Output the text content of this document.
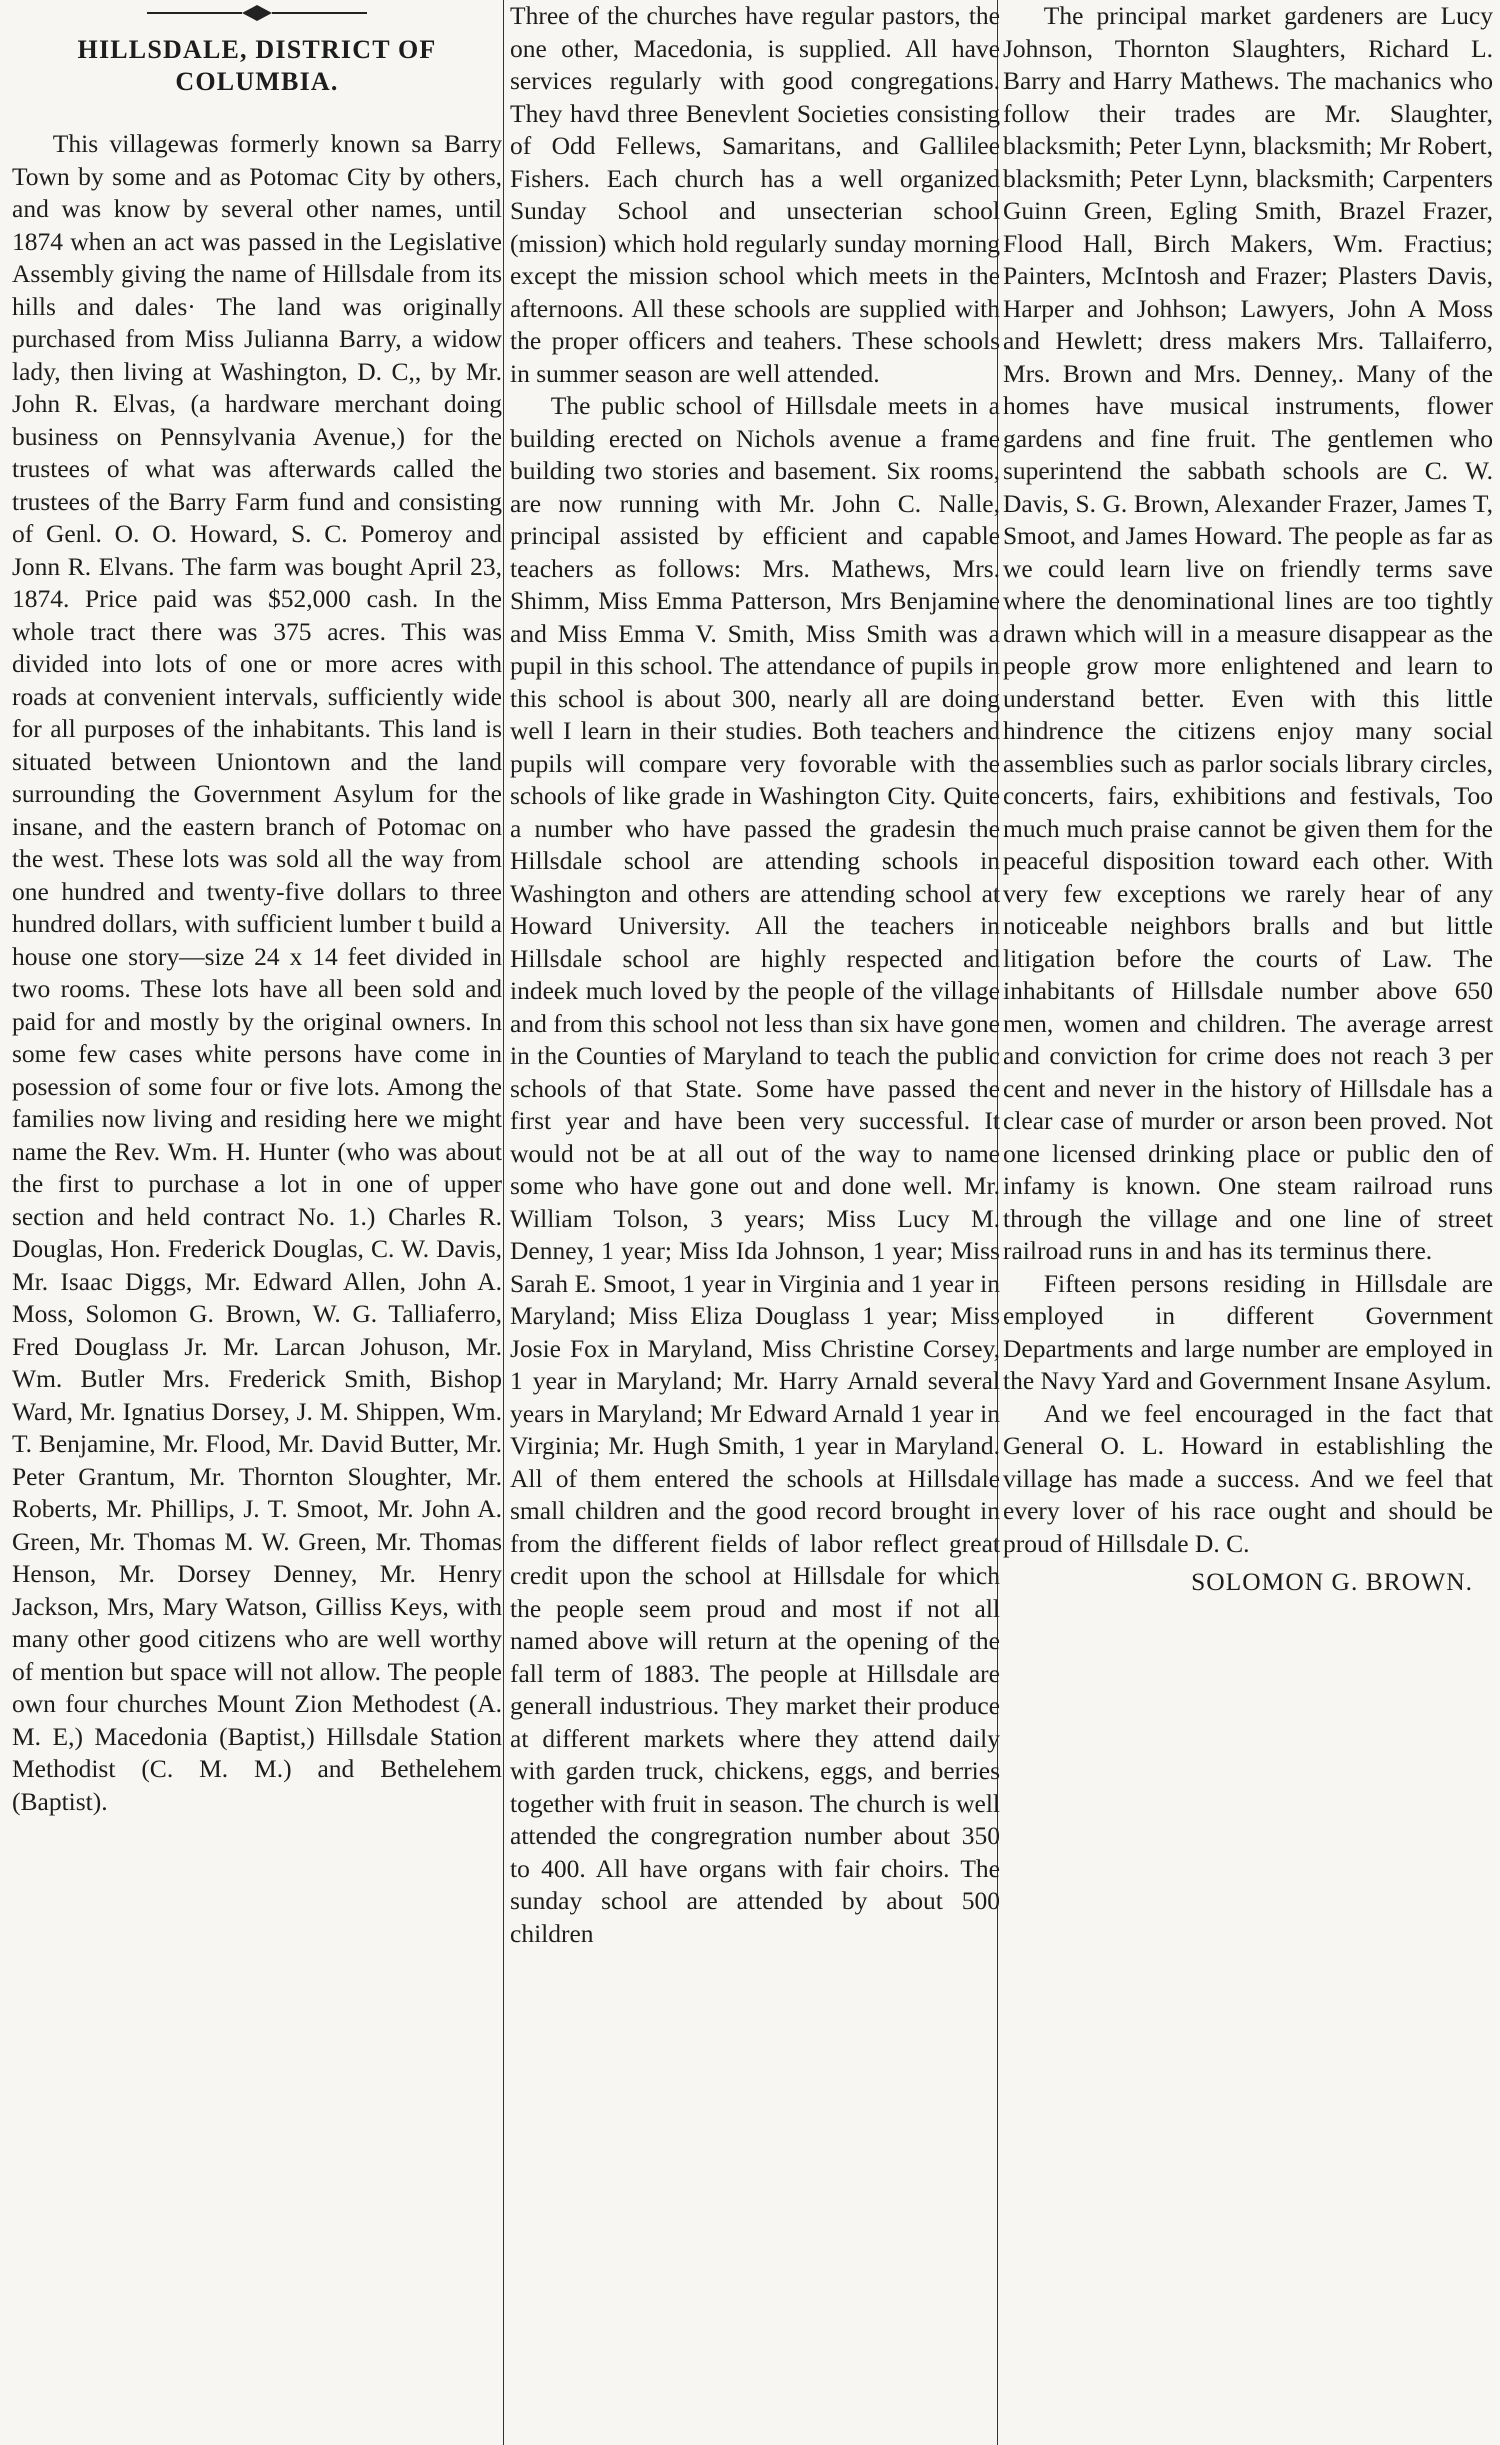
HILLSDALE, DISTRICT OF COLUMBIA.

This villagewas formerly known sa Barry Town by some and as Potomac City by others, and was know by several other names, until 1874 when an act was passed in the Legislative Assembly giving the name of Hillsdale from its hills and dales· The land was originally purchased from Miss Julianna Barry, a widow lady, then living at Washington, D. C,, by Mr. John R. Elvas, (a hardware merchant doing business on Pennsylvania Avenue,) for the trustees of what was afterwards called the trustees of the Barry Farm fund and consisting of Genl. O. O. Howard, S. C. Pomeroy and Jonn R. Elvans. The farm was bought April 23, 1874. Price paid was $52,000 cash. In the whole tract there was 375 acres. This was divided into lots of one or more acres with roads at convenient intervals, sufficiently wide for all purposes of the inhabitants. This land is situated between Uniontown and the land surrounding the Government Asylum for the insane, and the eastern branch of Potomac on the west. These lots was sold all the way from one hundred and twenty-five dollars to three hundred dollars, with sufficient lumber t build a house one story—size 24 x 14 feet divided in two rooms. These lots have all been sold and paid for and mostly by the original owners. In some few cases white persons have come in posession of some four or five lots. Among the families now living and residing here we might name the Rev. Wm. H. Hunter (who was about the first to purchase a lot in one of upper section and held contract No. 1.) Charles R. Douglas, Hon. Frederick Douglas, C. W. Davis, Mr. Isaac Diggs, Mr. Edward Allen, John A. Moss, Solomon G. Brown, W. G. Talliaferro, Fred Douglass Jr. Mr. Larcan Johuson, Mr. Wm. Butler Mrs. Frederick Smith, Bishop Ward, Mr. Ignatius Dorsey, J. M. Shippen, Wm. T. Benjamine, Mr. Flood, Mr. David Butter, Mr. Peter Grantum, Mr. Thornton Sloughter, Mr. Roberts, Mr. Phillips, J. T. Smoot, Mr. John A. Green, Mr. Thomas M. W. Green, Mr. Thomas Henson, Mr. Dorsey Denney, Mr. Henry Jackson, Mrs, Mary Watson, Gilliss Keys, with many other good citizens who are well worthy of mention but space will not allow. The people own four churches Mount Zion Methodest (A. M. E,) Macedonia (Baptist,) Hillsdale Station Methodist (C. M. M.) and Bethelehem (Baptist).

Three of the churches have regular pastors, the one other, Macedonia, is supplied. All have services regularly with good congregations. They havd three Benevlent Societies consisting of Odd Fellews, Samaritans, and Gallilee Fishers. Each church has a well organized Sunday School and unsecterian school (mission) which hold regularly sunday morning except the mission school which meets in the afternoons. All these schools are supplied with the proper officers and teahers. These schools in summer season are well attended.

The public school of Hillsdale meets in a building erected on Nichols avenue a frame building two stories and basement. Six rooms, are now running with Mr. John C. Nalle, principal assisted by efficient and capable teachers as follows: Mrs. Mathews, Mrs. Shimm, Miss Emma Patterson, Mrs Benjamine and Miss Emma V. Smith, Miss Smith was a pupil in this school. The attendance of pupils in this school is about 300, nearly all are doing well I learn in their studies. Both teachers and pupils will compare very fovorable with the schools of like grade in Washington City. Quite a number who have passed the gradesin the Hillsdale school are attending schools in Washington and others are attending school at Howard University. All the teachers in Hillsdale school are highly respected and indeek much loved by the people of the village and from this school not less than six have gone in the Counties of Maryland to teach the public schools of that State. Some have passed the first year and have been very successful. It would not be at all out of the way to name some who have gone out and done well. Mr. William Tolson, 3 years; Miss Lucy M. Denney, 1 year; Miss Ida Johnson, 1 year; Miss Sarah E. Smoot, 1 year in Virginia and 1 year in Maryland; Miss Eliza Douglass 1 year; Miss Josie Fox in Maryland, Miss Christine Corsey, 1 year in Maryland; Mr. Harry Arnald several years in Maryland; Mr Edward Arnald 1 year in Virginia; Mr. Hugh Smith, 1 year in Maryland. All of them entered the schools at Hillsdale small children and the good record brought in from the different fields of labor reflect great credit upon the school at Hillsdale for which the people seem proud and most if not all named above will return at the opening of the fall term of 1883. The people at Hillsdale are generall industrious. They market their produce at different markets where they attend daily with garden truck, chickens, eggs, and berries together with fruit in season. The church is well attended the congregration number about 350 to 400. All have organs with fair choirs. The sunday school are attended by about 500 children

The principal market gardeners are Lucy Johnson, Thornton Slaughters, Richard L. Barry and Harry Mathews. The machanics who follow their trades are Mr. Slaughter, blacksmith; Peter Lynn, blacksmith; Mr Robert, blacksmith; Peter Lynn, blacksmith; Carpenters Guinn Green, Egling Smith, Brazel Frazer, Flood Hall, Birch Makers, Wm. Fractius; Painters, McIntosh and Frazer; Plasters Davis, Harper and Johhson; Lawyers, John A Moss and Hewlett; dress makers Mrs. Tallaiferro, Mrs. Brown and Mrs. Denney,. Many of the homes have musical instruments, flower gardens and fine fruit. The gentlemen who superintend the sabbath schools are C. W. Davis, S. G. Brown, Alexander Frazer, James T, Smoot, and James Howard. The people as far as we could learn live on friendly terms save where the denominational lines are too tightly drawn which will in a measure disappear as the people grow more enlightened and learn to understand better. Even with this little hindrence the citizens enjoy many social assemblies such as parlor socials library circles, concerts, fairs, exhibitions and festivals, Too much much praise cannot be given them for the peaceful disposition toward each other. With very few exceptions we rarely hear of any noticeable neighbors bralls and but little litigation before the courts of Law. The inhabitants of Hillsdale number above 650 men, women and children. The average arrest and conviction for crime does not reach 3 per cent and never in the history of Hillsdale has a clear case of murder or arson been proved. Not one licensed drinking place or public den of infamy is known. One steam railroad runs through the village and one line of street railroad runs in and has its terminus there.

Fifteen persons residing in Hillsdale are employed in different Government Departments and large number are employed in the Navy Yard and Government Insane Asylum.

And we feel encouraged in the fact that General O. L. Howard in establishling the village has made a success. And we feel that every lover of his race ought and should be proud of Hillsdale D. C.

SOLOMON G. BROWN.
